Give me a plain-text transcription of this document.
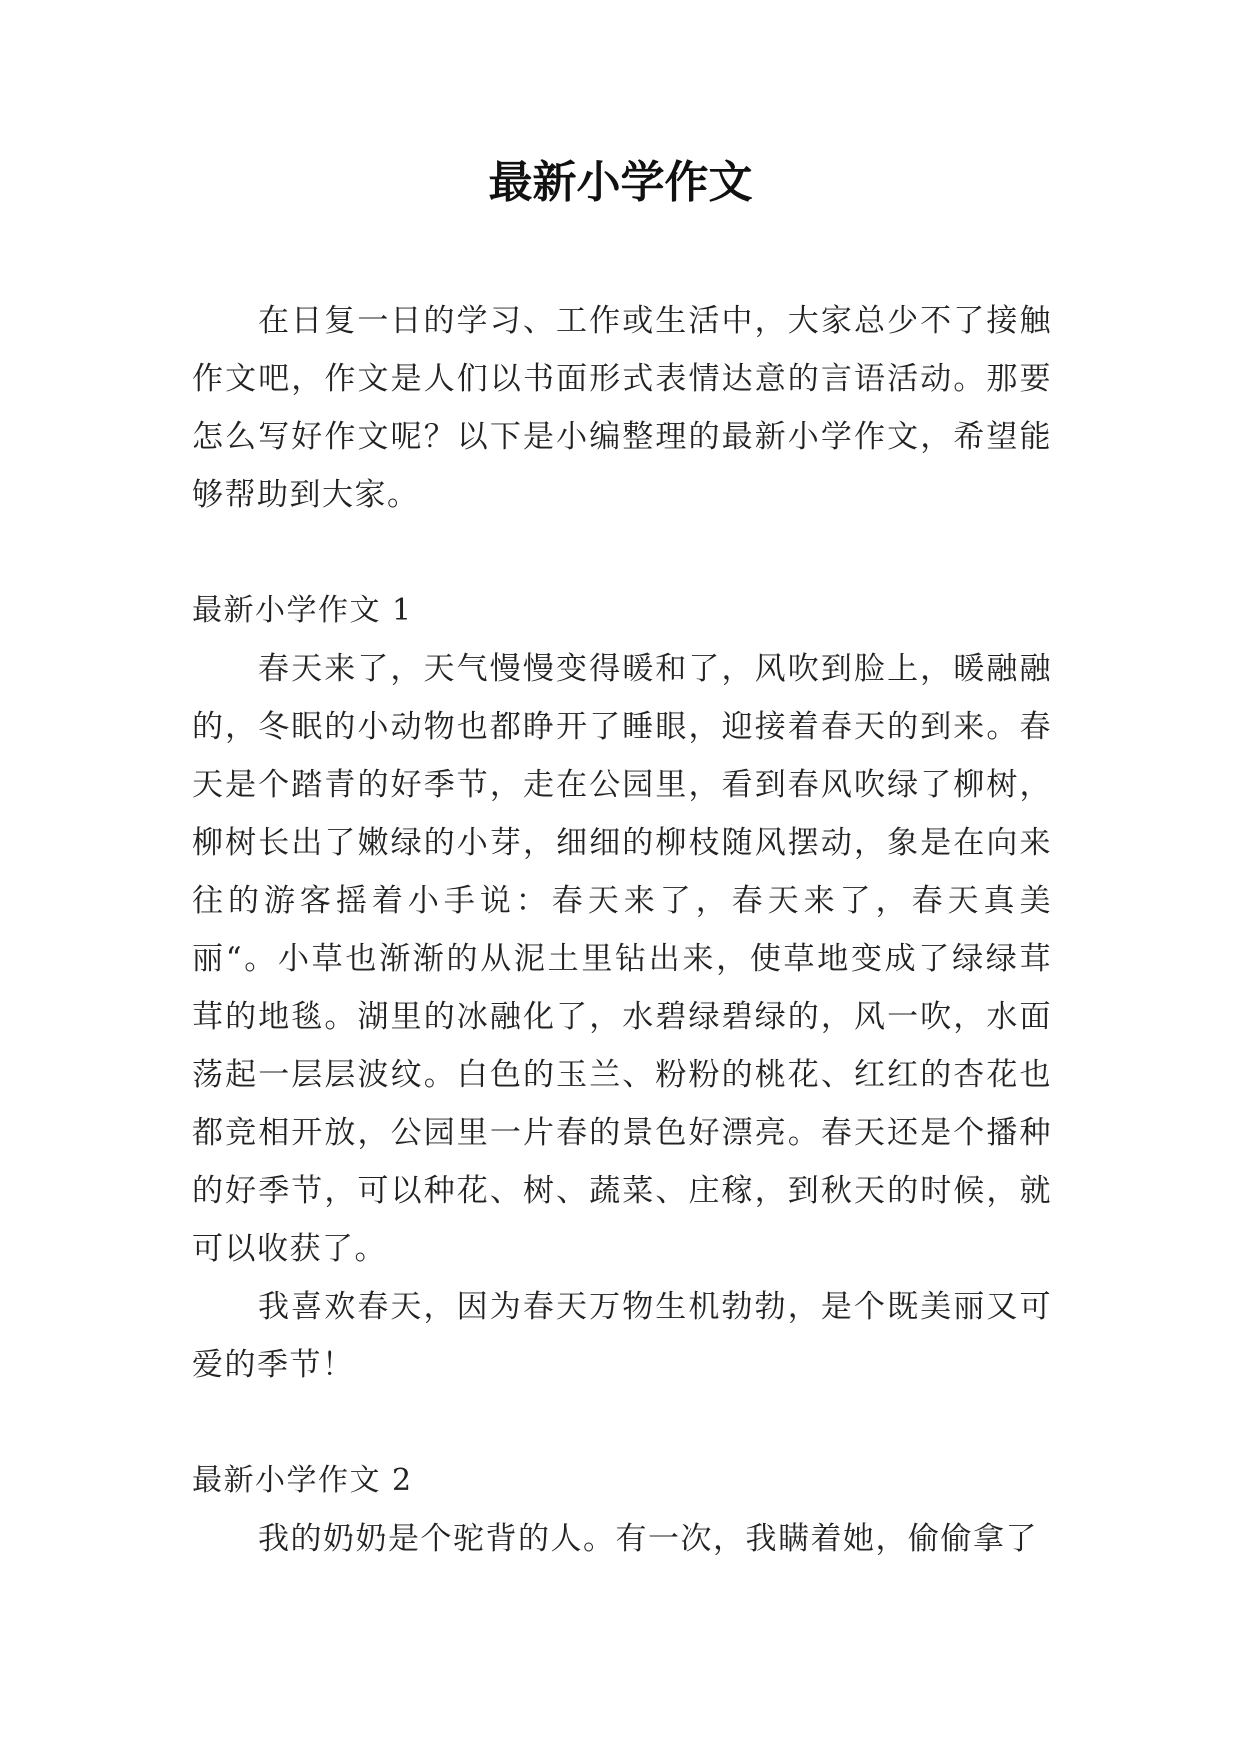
最新小学作文

在日复一日的学习、工作或生活中，大家总少不了接触作文吧，作文是人们以书面形式表情达意的言语活动。那要怎么写好作文呢？以下是小编整理的最新小学作文，希望能够帮助到大家。

最新小学作文 1

春天来了，天气慢慢变得暖和了，风吹到脸上，暖融融的，冬眠的小动物也都睁开了睡眼，迎接着春天的到来。春天是个踏青的好季节，走在公园里，看到春风吹绿了柳树，柳树长出了嫩绿的小芽，细细的柳枝随风摆动，象是在向来往的游客摇着小手说：春天来了，春天来了，春天真美丽“。小草也渐渐的从泥土里钻出来，使草地变成了绿绿茸茸的地毯。湖里的冰融化了，水碧绿碧绿的，风一吹，水面荡起一层层波纹。白色的玉兰、粉粉的桃花、红红的杏花也都竞相开放，公园里一片春的景色好漂亮。春天还是个播种的好季节，可以种花、树、蔬菜、庄稼，到秋天的时候，就可以收获了。

我喜欢春天，因为春天万物生机勃勃，是个既美丽又可爱的季节！

最新小学作文 2

我的奶奶是个驼背的人。有一次，我瞒着她，偷偷拿了
